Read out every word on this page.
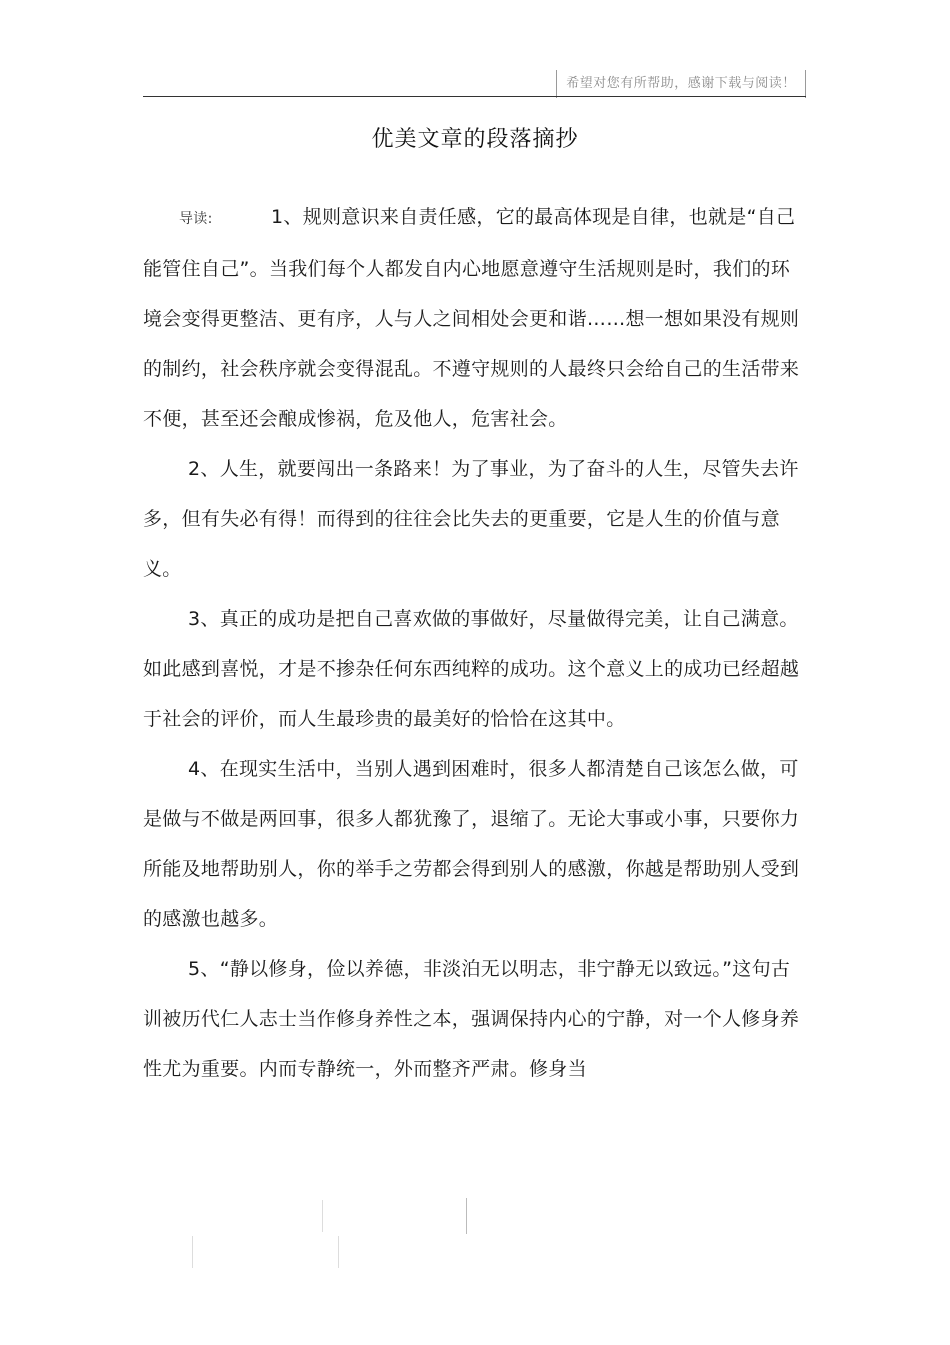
希望对您有所帮助，感谢下载与阅读！
优美文章的段落摘抄

导读:	1、规则意识来自责任感，它的最高体现是自律，也就是“自己能管住自己”。当我们每个人都发自内心地愿意遵守生活规则是时，我们的环境会变得更整洁、更有序，人与人之间相处会更和谐……想一想如果没有规则的制约，社会秩序就会变得混乱。不遵守规则的人最终只会给自己的生活带来不便，甚至还会酿成惨祸，危及他人，危害社会。

2、人生，就要闯出一条路来！为了事业，为了奋斗的人生，尽管失去许多，但有失必有得！而得到的往往会比失去的更重要，它是人生的价值与意义。

3、真正的成功是把自己喜欢做的事做好，尽量做得完美，让自己满意。如此感到喜悦，才是不掺杂任何东西纯粹的成功。这个意义上的成功已经超越于社会的评价，而人生最珍贵的最美好的恰恰在这其中。

4、在现实生活中，当别人遇到困难时，很多人都清楚自己该怎么做，可是做与不做是两回事，很多人都犹豫了，退缩了。无论大事或小事，只要你力所能及地帮助别人，你的举手之劳都会得到别人的感激，你越是帮助别人受到的感激也越多。

5、“静以修身，俭以养德，非淡泊无以明志，非宁静无以致远。”这句古训被历代仁人志士当作修身养性之本，强调保持内心的宁静，对一个人修身养性尤为重要。内而专静统一，外而整齐严肃。修身当
